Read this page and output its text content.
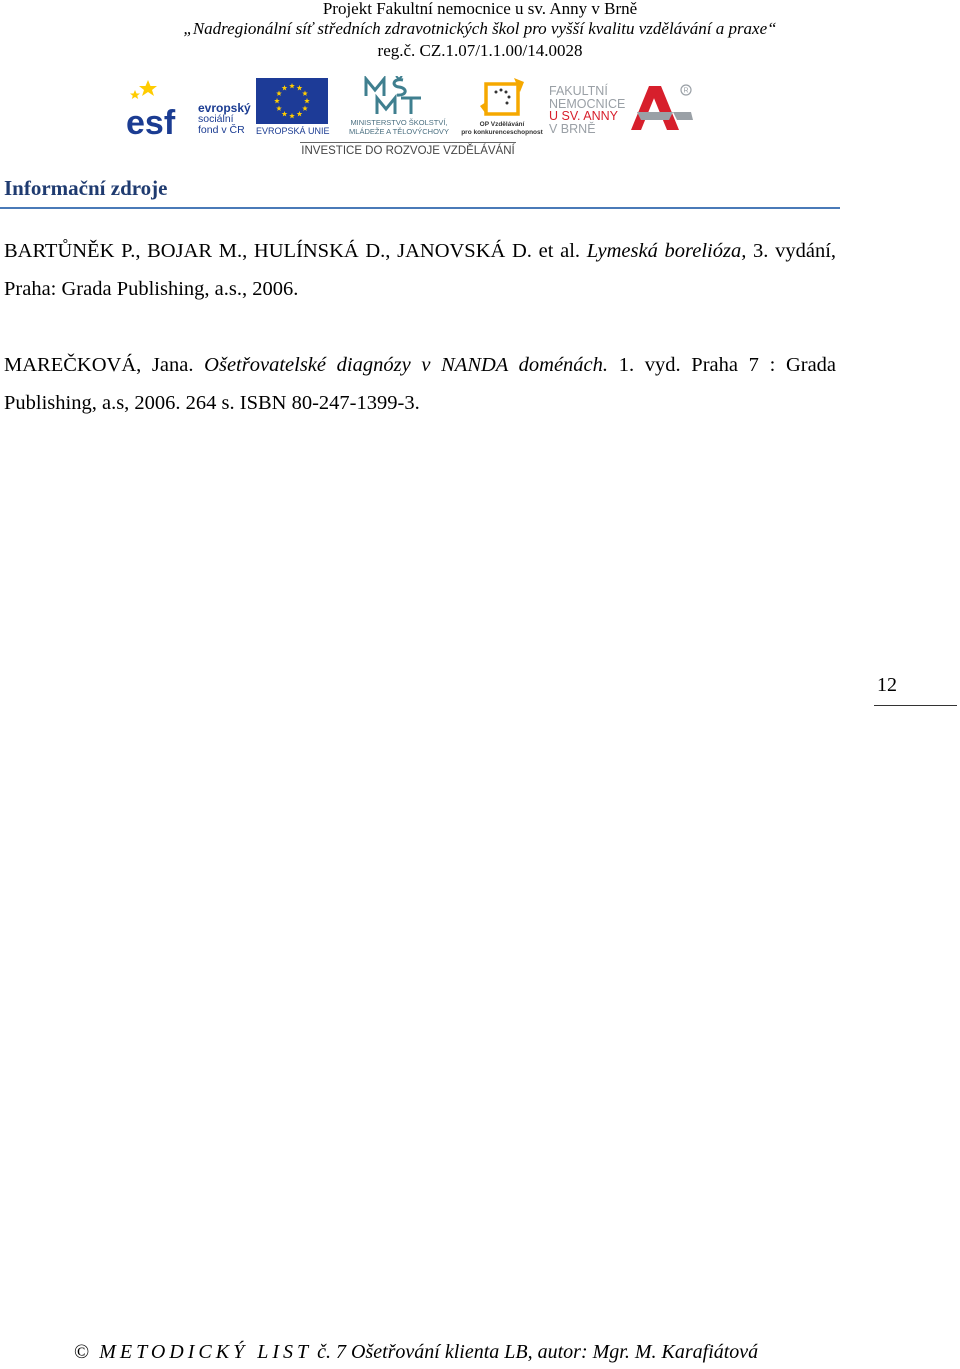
Projekt Fakultní nemocnice u sv. Anny v Brně
„Nadregionální síť středních zdravotnických škol pro vyšší kvalitu vzdělávání a praxe“
reg.č. CZ.1.07/1.1.00/14.0028
esf evropský
sociální
fond v ČR	EVROPSKÁ UNIE
MINISTERSTVO ŠKOLSTVÍ,
MLÁDEŽE A TĚLOVÝCHOVY
OP Vzdělávání
pro konkurenceschopnost
FAKULTNÍ
NEMOCNICE
U SV. ANNY
V BRNĚ
R
INVESTICE DO ROZVOJE VZDĚLÁVÁNÍ
Informační zdroje

BARTŮNĚK P., BOJAR M., HULÍNSKÁ D., JANOVSKÁ D. et al. Lymeská borelióza, 3. vydání, Praha: Grada Publishing, a.s., 2006.

MAREČKOVÁ, Jana. Ošetřovatelské diagnózy v NANDA doménách. 1. vyd. Praha 7 : Grada Publishing, a.s, 2006. 264 s. ISBN 80-247-1399-3.

12
© METODICKÝ LIST č. 7 Ošetřování klienta LB, autor: Mgr. M. Karafiátová
